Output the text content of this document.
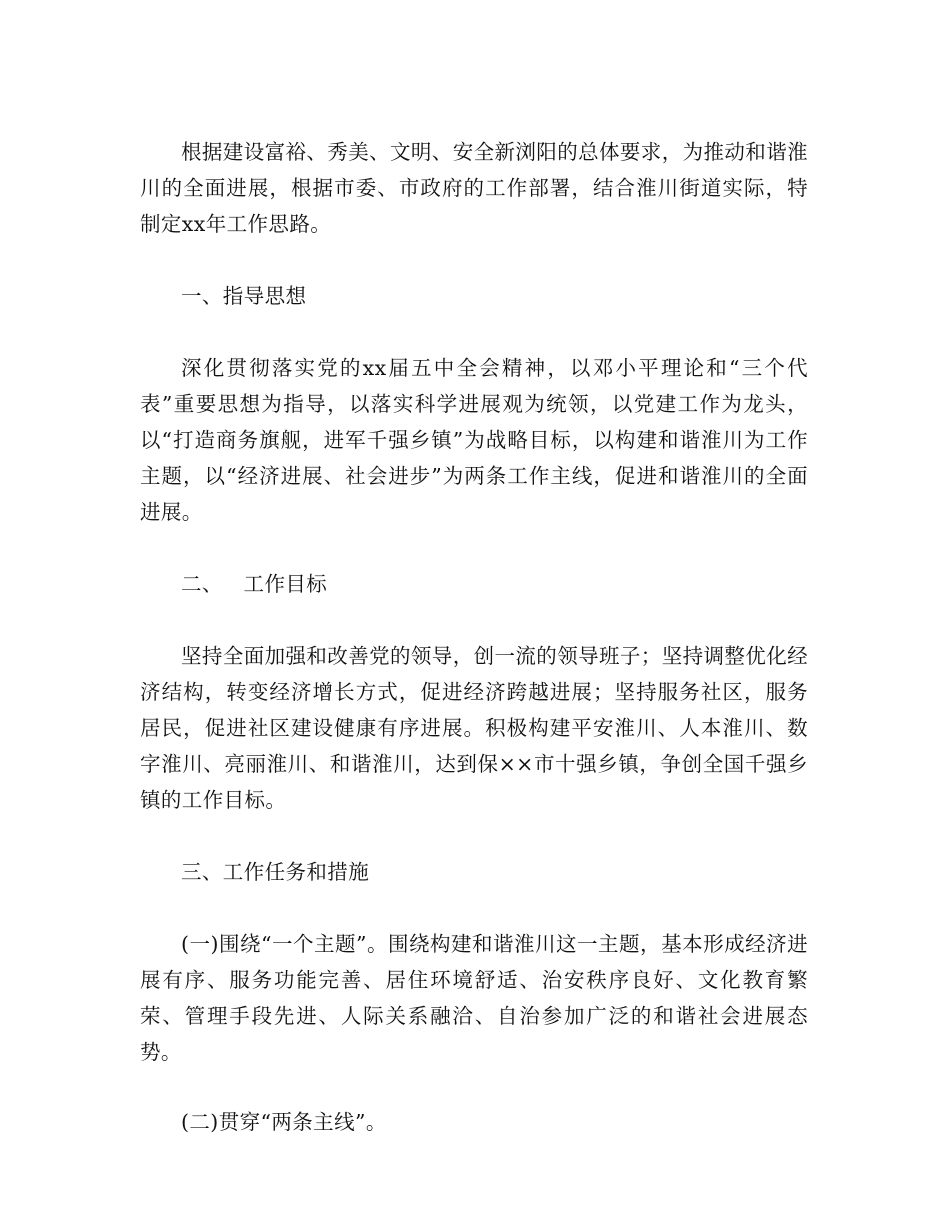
根据建设富裕、秀美、文明、安全新浏阳的总体要求，为推动和谐淮川的全面进展，根据市委、市政府的工作部署，结合淮川街道实际，特制定xx年工作思路。

一、指导思想

深化贯彻落实党的xx届五中全会精神，以邓小平理论和“三个代表”重要思想为指导，以落实科学进展观为统领，以党建工作为龙头，以“打造商务旗舰，进军千强乡镇”为战略目标，以构建和谐淮川为工作主题，以“经济进展、社会进步”为两条工作主线，促进和谐淮川的全面进展。

二、   工作目标

坚持全面加强和改善党的领导，创一流的领导班子；坚持调整优化经济结构，转变经济增长方式，促进经济跨越进展；坚持服务社区，服务居民，促进社区建设健康有序进展。积极构建平安淮川、人本淮川、数字淮川、亮丽淮川、和谐淮川，达到保××市十强乡镇，争创全国千强乡镇的工作目标。

三、工作任务和措施

(一)围绕“一个主题”。围绕构建和谐淮川这一主题，基本形成经济进展有序、服务功能完善、居住环境舒适、治安秩序良好、文化教育繁荣、管理手段先进、人际关系融洽、自治参加广泛的和谐社会进展态势。

(二)贯穿“两条主线”。
